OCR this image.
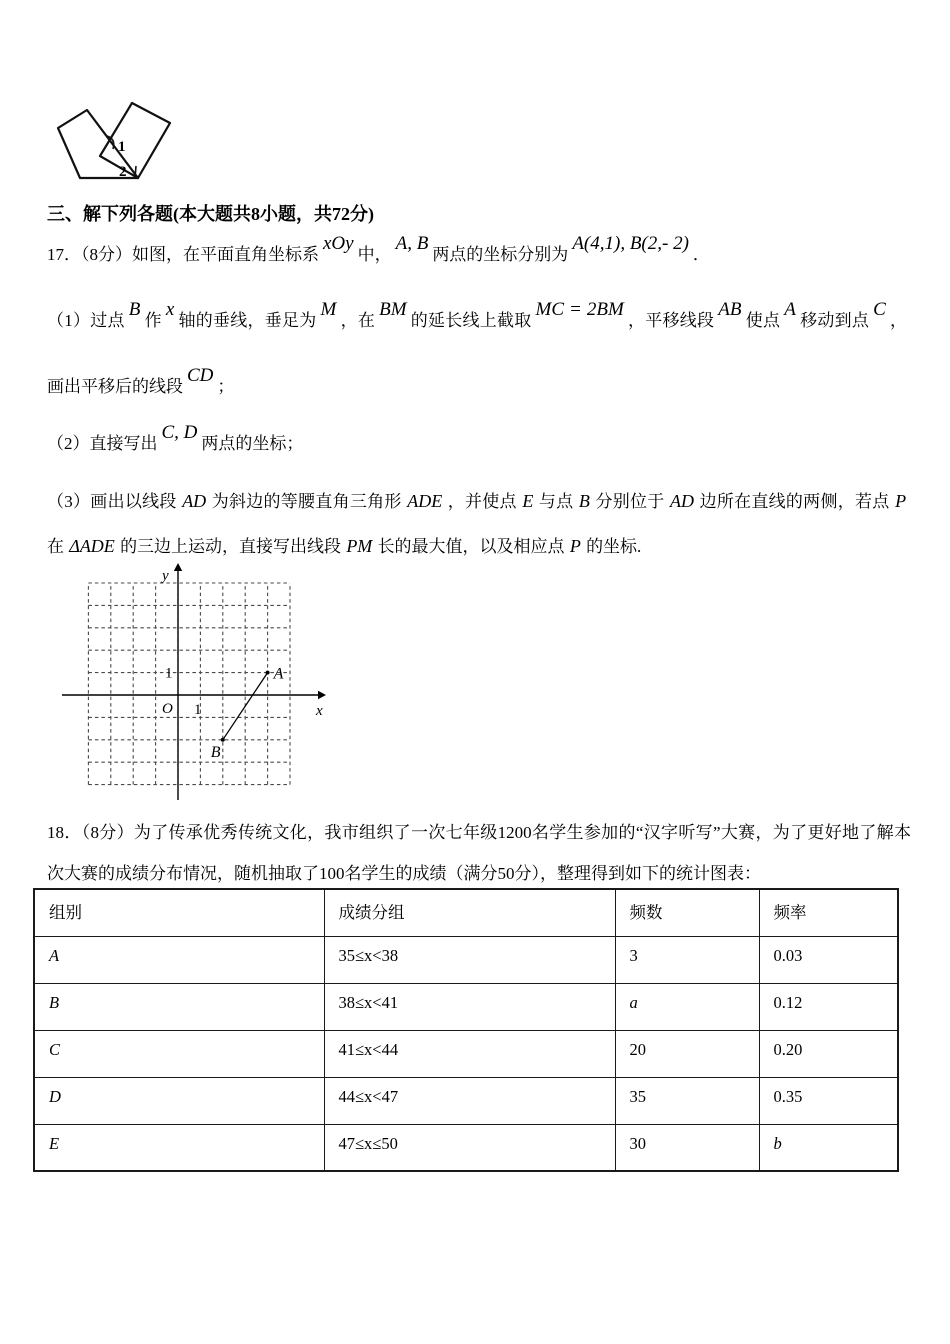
1
2
三、解下列各题(本大题共8小题，共72分)
17．（8分）如图，在平面直角坐标系xOy中，A, B两点的坐标分别为A(4,1), B(2,- 2)．
（1）过点B作x轴的垂线，垂足为M，在BM的延长线上截取MC = 2BM，平移线段AB使点A移动到点C，画出平移后的线段CD；
（2）直接写出C, D两点的坐标；
（3）画出以线段 AD 为斜边的等腰直角三角形 ADE ，并使点 E 与点 B 分别位于 AD 边所在直线的两侧，若点 P 在 ΔADE 的三边上运动，直接写出线段 PM 长的最大值，以及相应点 P 的坐标.
y
x
O 1
1	A
B
18．（8分）为了传承优秀传统文化，我市组织了一次七年级1200名学生参加的“汉字听写”大赛，为了更好地了解本次大赛的成绩分布情况，随机抽取了100名学生的成绩（满分50分），整理得到如下的统计图表：
组别	成绩分组	频数	频率
A	35≤x<38	3	0.03
B	38≤x<41	a	0.12
C	41≤x<44	20	0.20
D	44≤x<47	35	0.35
E	47≤x≤50	30	b
